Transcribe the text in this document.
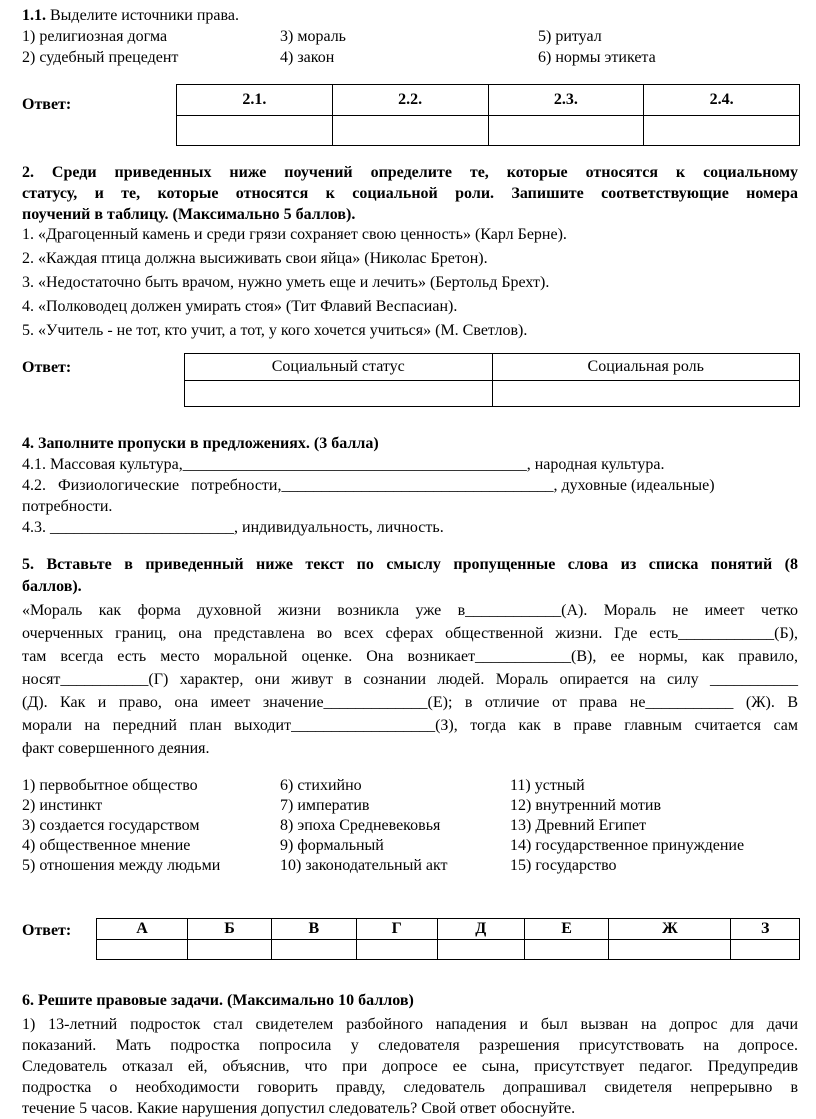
1.1. Выделите источники права.
1) религиозная догма	3) мораль	5) ритуал
2) судебный прецедент	4) закон	6) нормы этикета
Ответ:	2.1.	2.2.	2.3.	2.4.

2. Среди приведенных ниже поучений определите те, которые относятся к социальному
статусу, и те, которые относятся к социальной роли. Запишите соответствующие номера
поучений в таблицу. (Максимально 5 баллов).
1. «Драгоценный камень и среди грязи сохраняет свою ценность» (Карл Берне).
2. «Каждая птица должна высиживать свои яйца» (Николас Бретон).
3. «Недостаточно быть врачом, нужно уметь еще и лечить» (Бертольд Брехт).
4. «Полководец должен умирать стоя» (Тит Флавий Веспасиан).
5. «Учитель - не тот, кто учит, а тот, у кого хочется учиться» (М. Светлов).
Ответ:	Социальный статус	Социальная роль

4. Заполните пропуски в предложениях. (3 балла)
4.1. Массовая культура,___________________________________________, народная культура.
4.2.   Физиологические   потребности,__________________________________, духовные (идеальные)
потребности.
4.3. _______________________, индивидуальность, личность.
5. Вставьте в приведенный ниже текст по смыслу пропущенные слова из списка понятий (8
баллов).
«Мораль как форма духовной жизни возникла уже в____________(А). Мораль не имеет четко
очерченных границ, она представлена во всех сферах общественной жизни. Где есть____________(Б),
там всегда есть место моральной оценке. Она возникает____________(В), ее нормы, как правило,
носят___________(Г) характер, они живут в сознании людей. Мораль опирается на силу ___________
(Д). Как и право, она имеет значение_____________(Е); в отличие от права не___________ (Ж). В
морали на передний план выходит__________________(З), тогда как в праве главным считается сам
факт совершенного деяния.
1) первобытное общество	6) стихийно	11) устный
2) инстинкт	7) императив	12) внутренний мотив
3) создается государством	8) эпоха Средневековья	13) Древний Египет
4) общественное мнение	9) формальный	14) государственное принуждение
5) отношения между людьми	10) законодательный акт	15) государство
Ответ:	А	Б	В	Г	Д	Е	Ж	З

6. Решите правовые задачи. (Максимально 10 баллов)
1) 13-летний подросток стал свидетелем разбойного нападения и был вызван на допрос для дачи
показаний. Мать подростка попросила у следователя разрешения присутствовать на допросе.
Следователь отказал ей, объяснив, что при допросе ее сына, присутствует педагог. Предупредив
подростка о необходимости говорить правду, следователь допрашивал свидетеля непрерывно в
течение 5 часов. Какие нарушения допустил следователь? Свой ответ обоснуйте.
